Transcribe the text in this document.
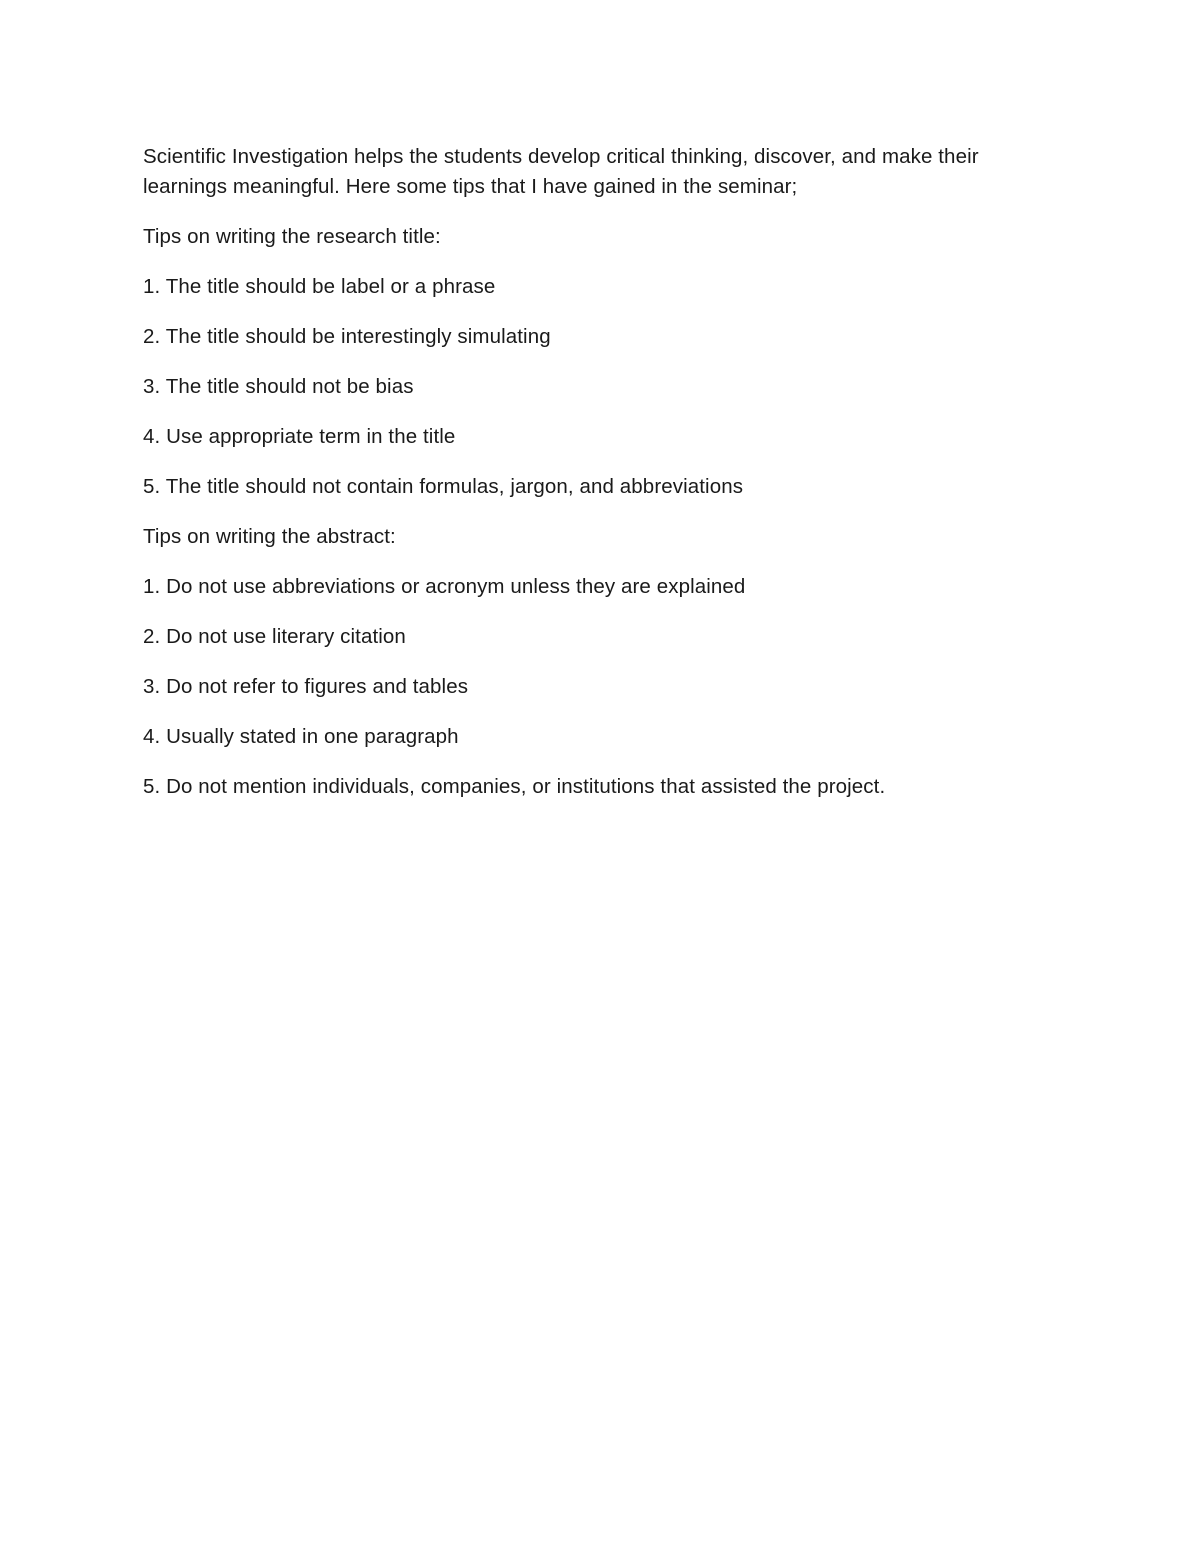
Scientific Investigation helps the students develop critical thinking, discover, and make their learnings meaningful. Here some tips that I have gained in the seminar;

Tips on writing the research title:

1. The title should be label or a phrase
2. The title should be interestingly simulating
3. The title should not be bias
4. Use appropriate term in the title
5. The title should not contain formulas, jargon, and abbreviations

Tips on writing the abstract:

1. Do not use abbreviations or acronym unless they are explained
2. Do not use literary citation
3. Do not refer to figures and tables
4. Usually stated in one paragraph
5. Do not mention individuals, companies, or institutions that assisted the project.
